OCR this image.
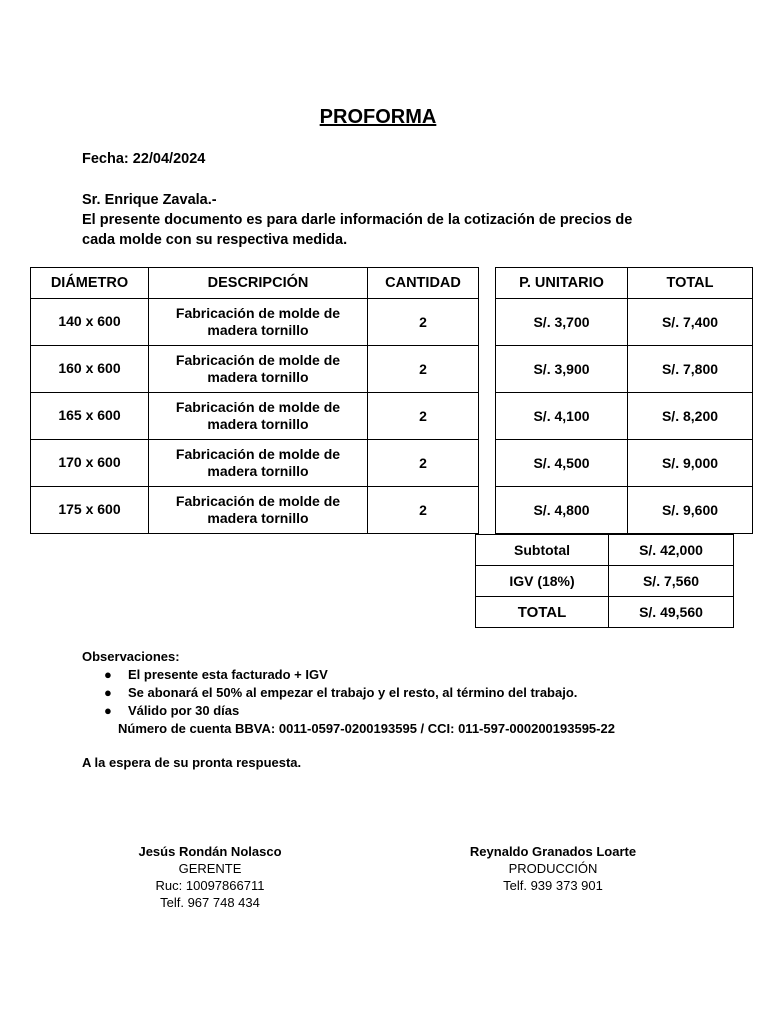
PROFORMA
Fecha: 22/04/2024
Sr. Enrique Zavala.-
El presente documento es para darle información de la cotización de precios de
cada molde con su respectiva medida.
DIÁMETRO	DESCRIPCIÓN	CANTIDAD		P. UNITARIO	TOTAL
140 x 600	Fabricación de molde de
madera tornillo	2		S/. 3,700	S/. 7,400
160 x 600	Fabricación de molde de
madera tornillo	2		S/. 3,900	S/. 7,800
165 x 600	Fabricación de molde de
madera tornillo	2		S/. 4,100	S/. 8,200
170 x 600	Fabricación de molde de
madera tornillo	2		S/. 4,500	S/. 9,000
175 x 600	Fabricación de molde de
madera tornillo	2		S/. 4,800	S/. 9,600
Subtotal	S/. 42,000
IGV (18%)	S/. 7,560
TOTAL	S/. 49,560
Observaciones:
● El presente esta facturado + IGV
● Se abonará el 50% al empezar el trabajo y el resto, al término del trabajo.
● Válido por 30 días
Número de cuenta BBVA: 0011-0597-0200193595 / CCI: 011-597-000200193595-22
A la espera de su pronta respuesta.
Jesús Rondán Nolasco
GERENTE
Ruc: 10097866711
Telf. 967 748 434
Reynaldo Granados Loarte
PRODUCCIÓN
Telf. 939 373 901
